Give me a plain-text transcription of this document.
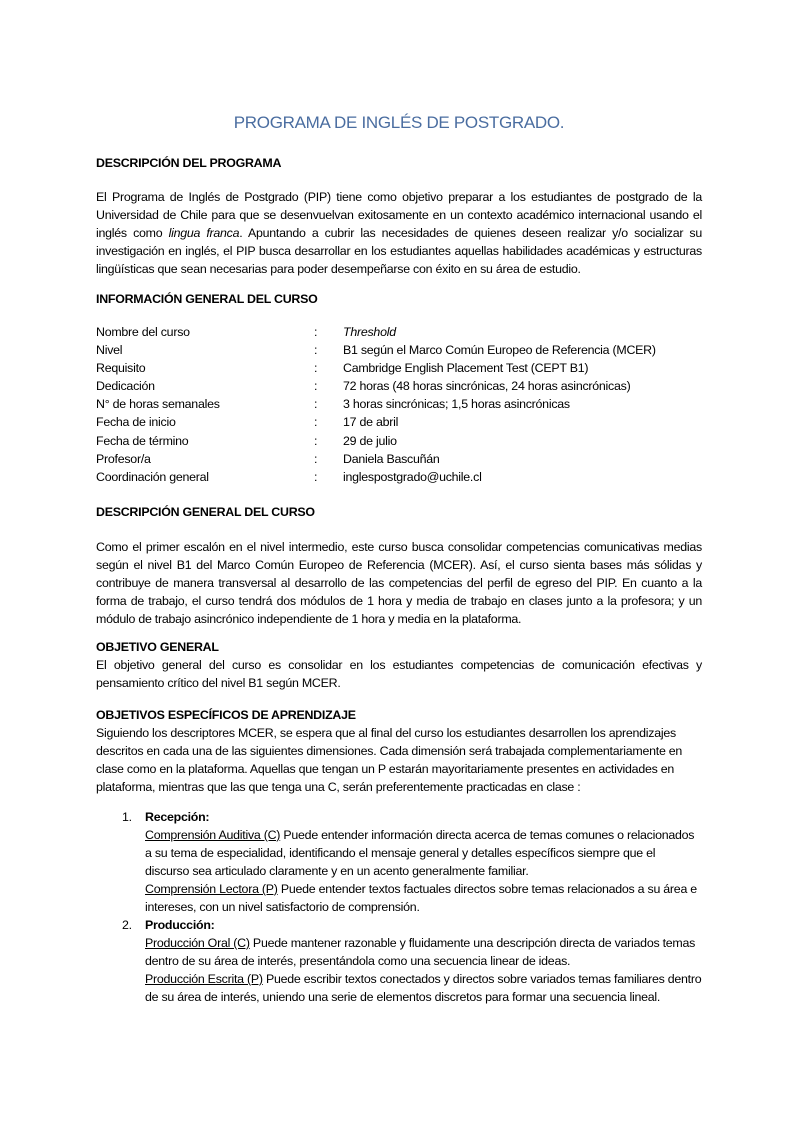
PROGRAMA DE INGLÉS DE POSTGRADO.

DESCRIPCIÓN DEL PROGRAMA

El Programa de Inglés de Postgrado (PIP) tiene como objetivo preparar a los estudiantes de postgrado de la Universidad de Chile para que se desenvuelvan exitosamente en un contexto académico internacional usando el inglés como lingua franca. Apuntando a cubrir las necesidades de quienes deseen realizar y/o socializar su investigación en inglés, el PIP busca desarrollar en los estudiantes aquellas habilidades académicas y estructuras lingüísticas que sean necesarias para poder desempeñarse con éxito en su área de estudio.

INFORMACIÓN GENERAL DEL CURSO

Nombre del curso	:	Threshold
Nivel	:	B1 según el Marco Común Europeo de Referencia (MCER)
Requisito	:	Cambridge English Placement Test (CEPT B1)
Dedicación	:	72 horas (48 horas sincrónicas, 24 horas asincrónicas)
N° de horas semanales	:	3 horas sincrónicas; 1,5 horas asincrónicas
Fecha de inicio	:	17 de abril
Fecha de término	:	29 de julio
Profesor/a	:	Daniela Bascuñán
Coordinación general	:	inglespostgrado@uchile.cl

DESCRIPCIÓN GENERAL DEL CURSO

Como el primer escalón en el nivel intermedio, este curso busca consolidar competencias comunicativas medias según el nivel B1 del Marco Común Europeo de Referencia (MCER). Así, el curso sienta bases más sólidas y contribuye de manera transversal al desarrollo de las competencias del perfil de egreso del PIP. En cuanto a la forma de trabajo, el curso tendrá dos módulos de 1 hora y media de trabajo en clases junto a la profesora; y un módulo de trabajo asincrónico independiente de 1 hora y media en la plataforma.

OBJETIVO GENERAL

El objetivo general del curso es consolidar en los estudiantes competencias de comunicación efectivas y pensamiento crítico del nivel B1 según MCER.

OBJETIVOS ESPECÍFICOS DE APRENDIZAJE

Siguiendo los descriptores MCER, se espera que al final del curso los estudiantes desarrollen los aprendizajes descritos en cada una de las siguientes dimensiones. Cada dimensión será trabajada complementariamente en clase como en la plataforma. Aquellas que tengan un P estarán mayoritariamente presentes en actividades en plataforma, mientras que las que tenga una C, serán preferentemente practicadas en clase :

1. Recepción:
Comprensión Auditiva (C) Puede entender información directa acerca de temas comunes o relacionados a su tema de especialidad, identificando el mensaje general y detalles específicos siempre que el discurso sea articulado claramente y en un acento generalmente familiar.
Comprensión Lectora (P) Puede entender textos factuales directos sobre temas relacionados a su área e intereses, con un nivel satisfactorio de comprensión.
2. Producción:
Producción Oral (C) Puede mantener razonable y fluidamente una descripción directa de variados temas dentro de su área de interés, presentándola como una secuencia linear de ideas.
Producción Escrita (P) Puede escribir textos conectados y directos sobre variados temas familiares dentro de su área de interés, uniendo una serie de elementos discretos para formar una secuencia lineal.
